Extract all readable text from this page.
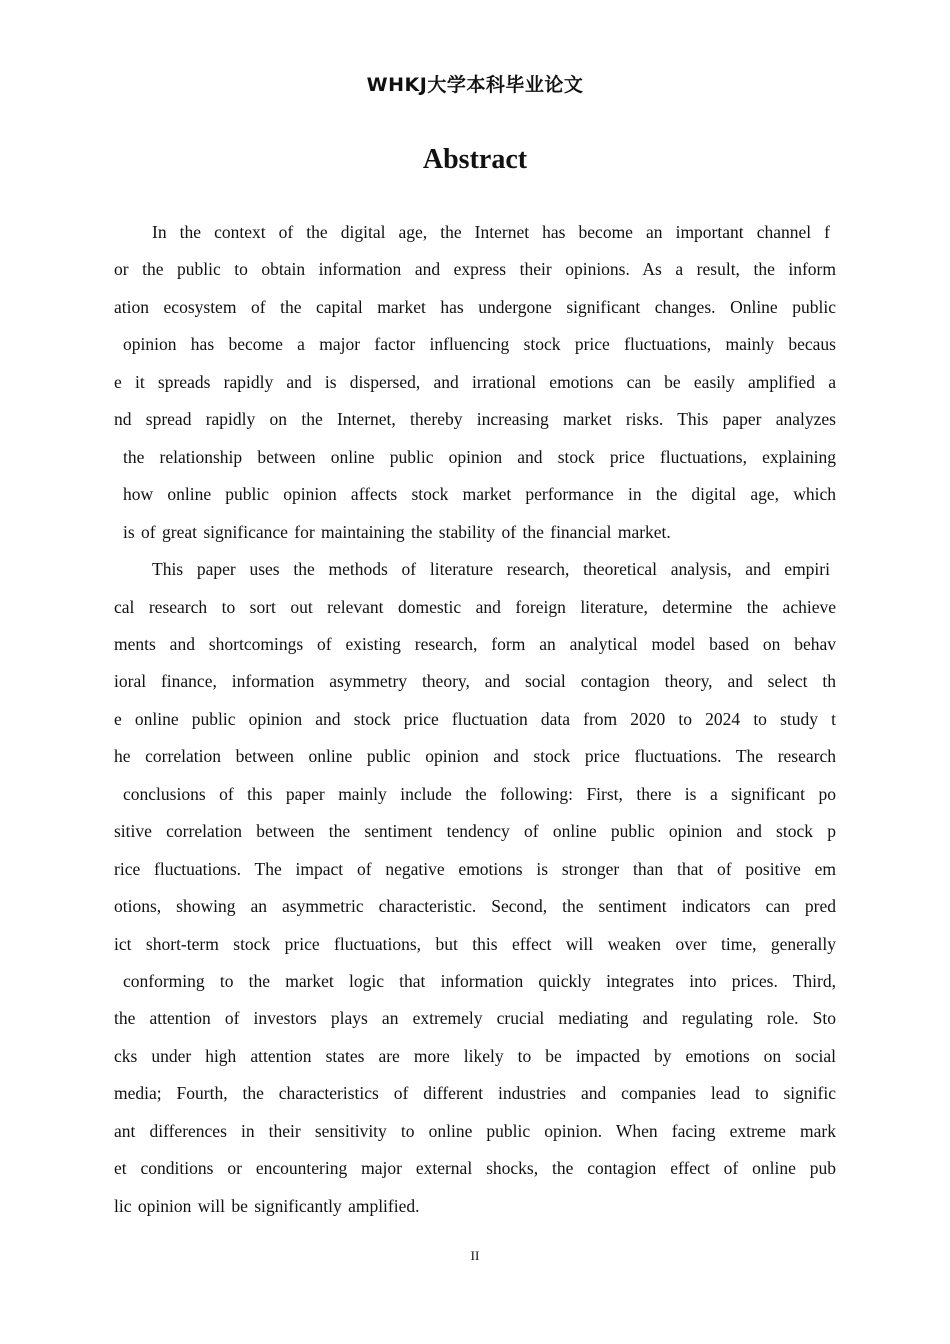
WHKJ大学本科毕业论文
Abstract
In the context of the digital age, the Internet has become an important channel f
or the public to obtain information and express their opinions. As a result, the inform
ation ecosystem of the capital market has undergone significant changes. Online public
opinion has become a major factor influencing stock price fluctuations, mainly becaus
e it spreads rapidly and is dispersed, and irrational emotions can be easily amplified a
nd spread rapidly on the Internet, thereby increasing market risks. This paper analyzes
the relationship between online public opinion and stock price fluctuations, explaining
how online public opinion affects stock market performance in the digital age, which
is of great significance for maintaining the stability of the financial market.
This paper uses the methods of literature research, theoretical analysis, and empiri
cal research to sort out relevant domestic and foreign literature, determine the achieve
ments and shortcomings of existing research, form an analytical model based on behav
ioral finance, information asymmetry theory, and social contagion theory, and select th
e online public opinion and stock price fluctuation data from 2020 to 2024 to study t
he correlation between online public opinion and stock price fluctuations. The research
conclusions of this paper mainly include the following: First, there is a significant po
sitive correlation between the sentiment tendency of online public opinion and stock p
rice fluctuations. The impact of negative emotions is stronger than that of positive em
otions, showing an asymmetric characteristic. Second, the sentiment indicators can pred
ict short-term stock price fluctuations, but this effect will weaken over time, generally
conforming to the market logic that information quickly integrates into prices. Third,
the attention of investors plays an extremely crucial mediating and regulating role. Sto
cks under high attention states are more likely to be impacted by emotions on social
media; Fourth, the characteristics of different industries and companies lead to signific
ant differences in their sensitivity to online public opinion. When facing extreme mark
et conditions or encountering major external shocks, the contagion effect of online pub
lic opinion will be significantly amplified.
II
